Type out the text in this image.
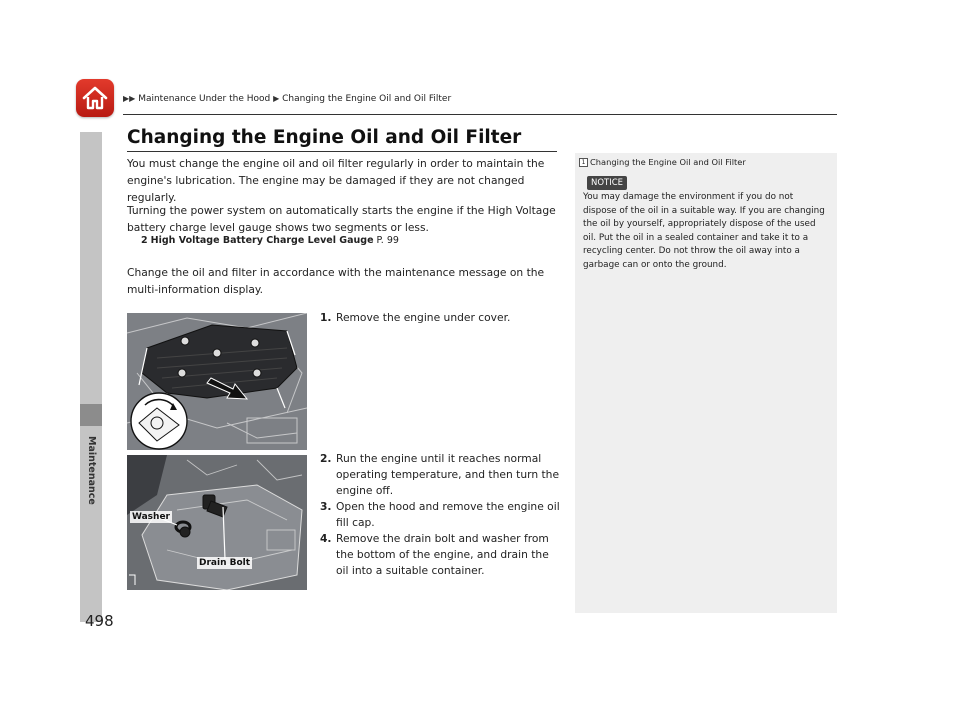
▶▶ Maintenance Under the Hood ▶ Changing the Engine Oil and Oil Filter
Maintenance
498
Changing the Engine Oil and Oil Filter

You must change the engine oil and oil filter regularly in order to maintain the engine's lubrication. The engine may be damaged if they are not changed regularly.

Turning the power system on automatically starts the engine if the High Voltage battery charge level gauge shows two segments or less.

2 High Voltage Battery Charge Level Gauge P. 99

Change the oil and filter in accordance with the maintenance message on the multi-information display.

Washer
Drain Bolt
1. Remove the engine under cover.
2. Run the engine until it reaches normal operating temperature, and then turn the engine off.
3. Open the hood and remove the engine oil fill cap.
4. Remove the drain bolt and washer from the bottom of the engine, and drain the oil into a suitable container.
1 Changing the Engine Oil and Oil Filter
NOTICE

You may damage the environment if you do not dispose of the oil in a suitable way. If you are changing the oil by yourself, appropriately dispose of the used oil. Put the oil in a sealed container and take it to a recycling center. Do not throw the oil away into a garbage can or onto the ground.
